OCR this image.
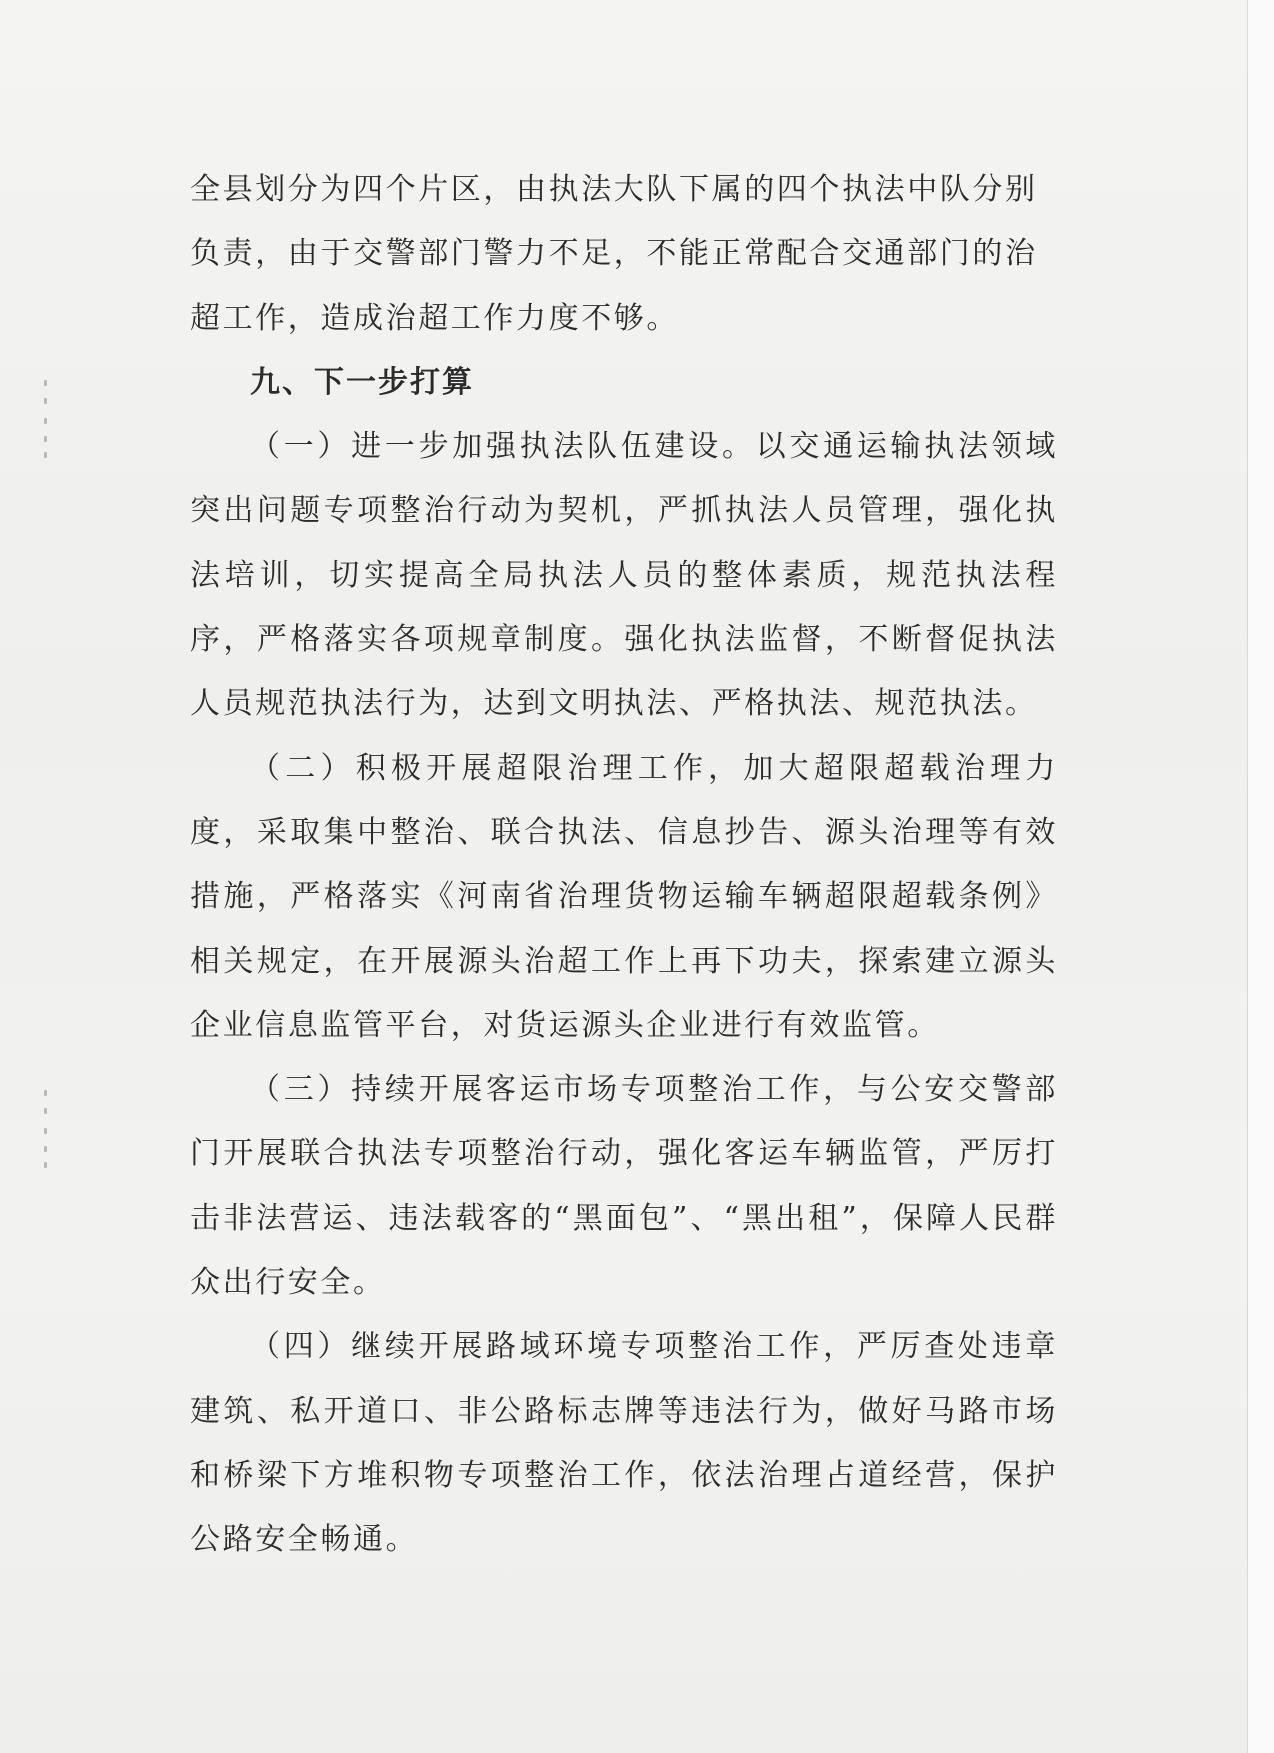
全县划分为四个片区，由执法大队下属的四个执法中队分别
负责，由于交警部门警力不足，不能正常配合交通部门的治
超工作，造成治超工作力度不够。

九、下一步打算

（一）进一步加强执法队伍建设。以交通运输执法领域突出问题专项整治行动为契机，严抓执法人员管理，强化执法培训，切实提高全局执法人员的整体素质，规范执法程序，严格落实各项规章制度。强化执法监督，不断督促执法人员规范执法行为，达到文明执法、严格执法、规范执法。

（二）积极开展超限治理工作，加大超限超载治理力度，采取集中整治、联合执法、信息抄告、源头治理等有效措施，严格落实《河南省治理货物运输车辆超限超载条例》相关规定，在开展源头治超工作上再下功夫，探索建立源头企业信息监管平台，对货运源头企业进行有效监管。

（三）持续开展客运市场专项整治工作，与公安交警部门开展联合执法专项整治行动，强化客运车辆监管，严厉打击非法营运、违法载客的“黑面包”、“黑出租”，保障人民群众出行安全。

（四）继续开展路域环境专项整治工作，严厉查处违章建筑、私开道口、非公路标志牌等违法行为，做好马路市场和桥梁下方堆积物专项整治工作，依法治理占道经营，保护公路安全畅通。
